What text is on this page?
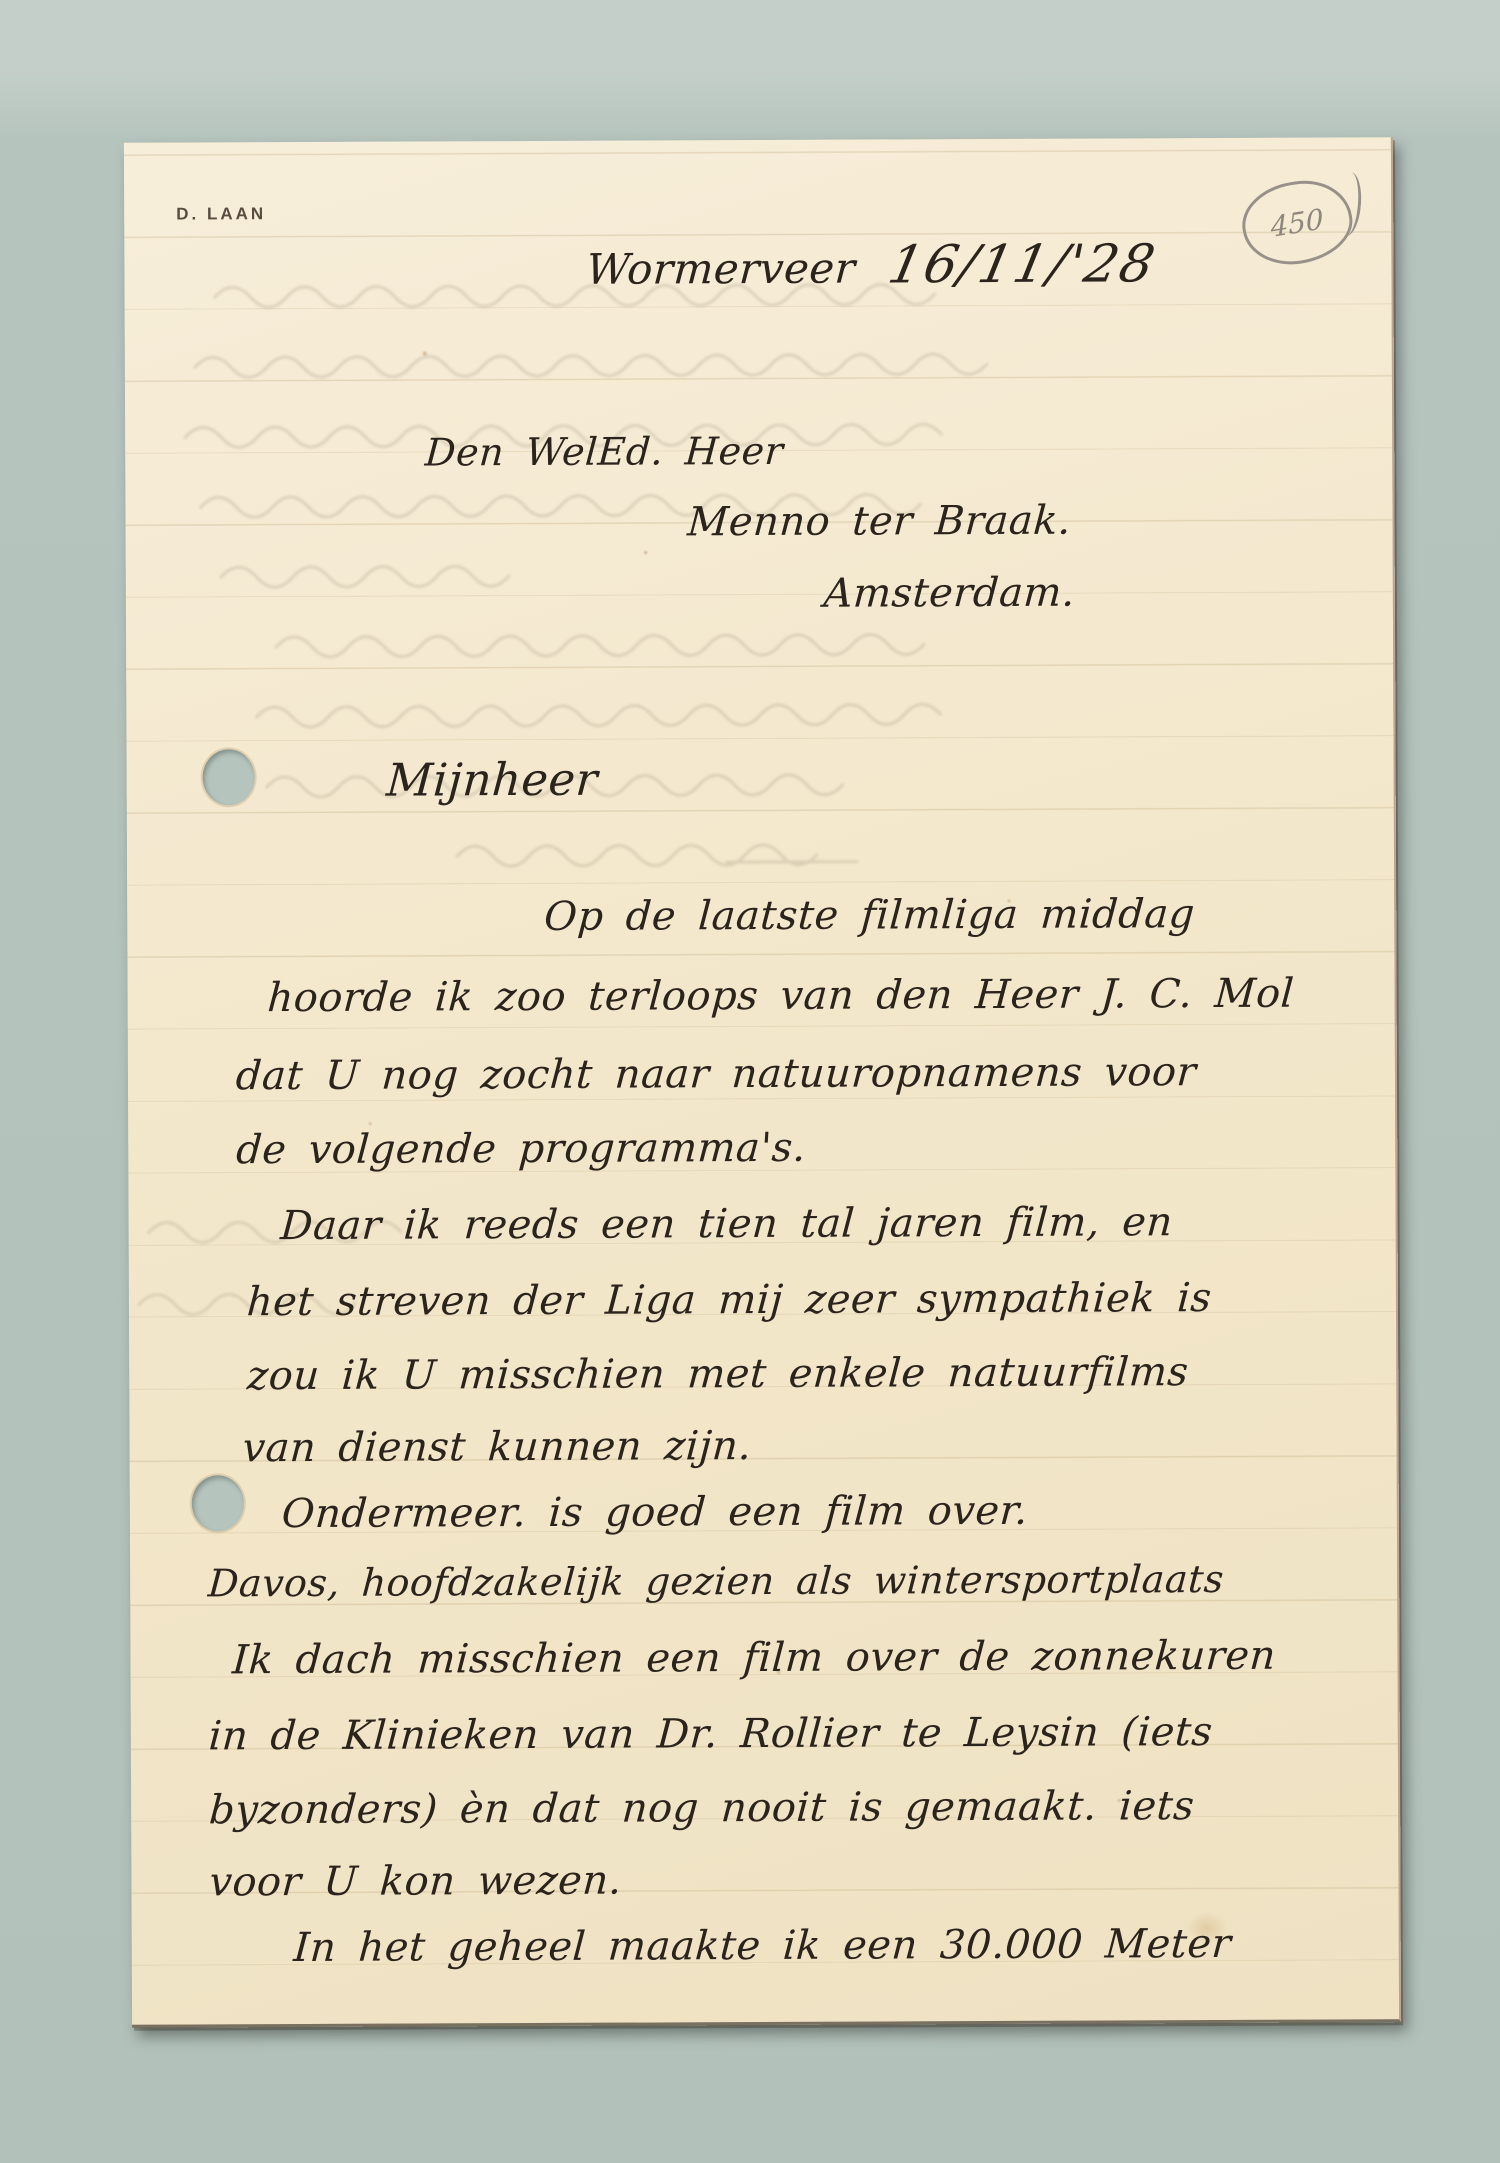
D. LAAN	450
Wormerveer 16/11/'28
Den WelEd. Heer
Menno ter Braak.
Amsterdam.
Mijnheer
Op de laatste filmliga middag
hoorde ik zoo terloops van den Heer J. C. Mol
dat U nog zocht naar natuuropnamens voor
de volgende programma's.
Daar ik reeds een tien tal jaren film, en
het streven der Liga mij zeer sympathiek is
zou ik U misschien met enkele natuurfilms
van dienst kunnen zijn.
Ondermeer. is goed een film over.
Davos, hoofdzakelijk gezien als wintersportplaats
Ik dach misschien een film over de zonnekuren
in de Klinieken van Dr. Rollier te Leysin (iets
byzonders) èn dat nog nooit is gemaakt. iets
voor U kon wezen.
In het geheel maakte ik een 30.000 Meter
